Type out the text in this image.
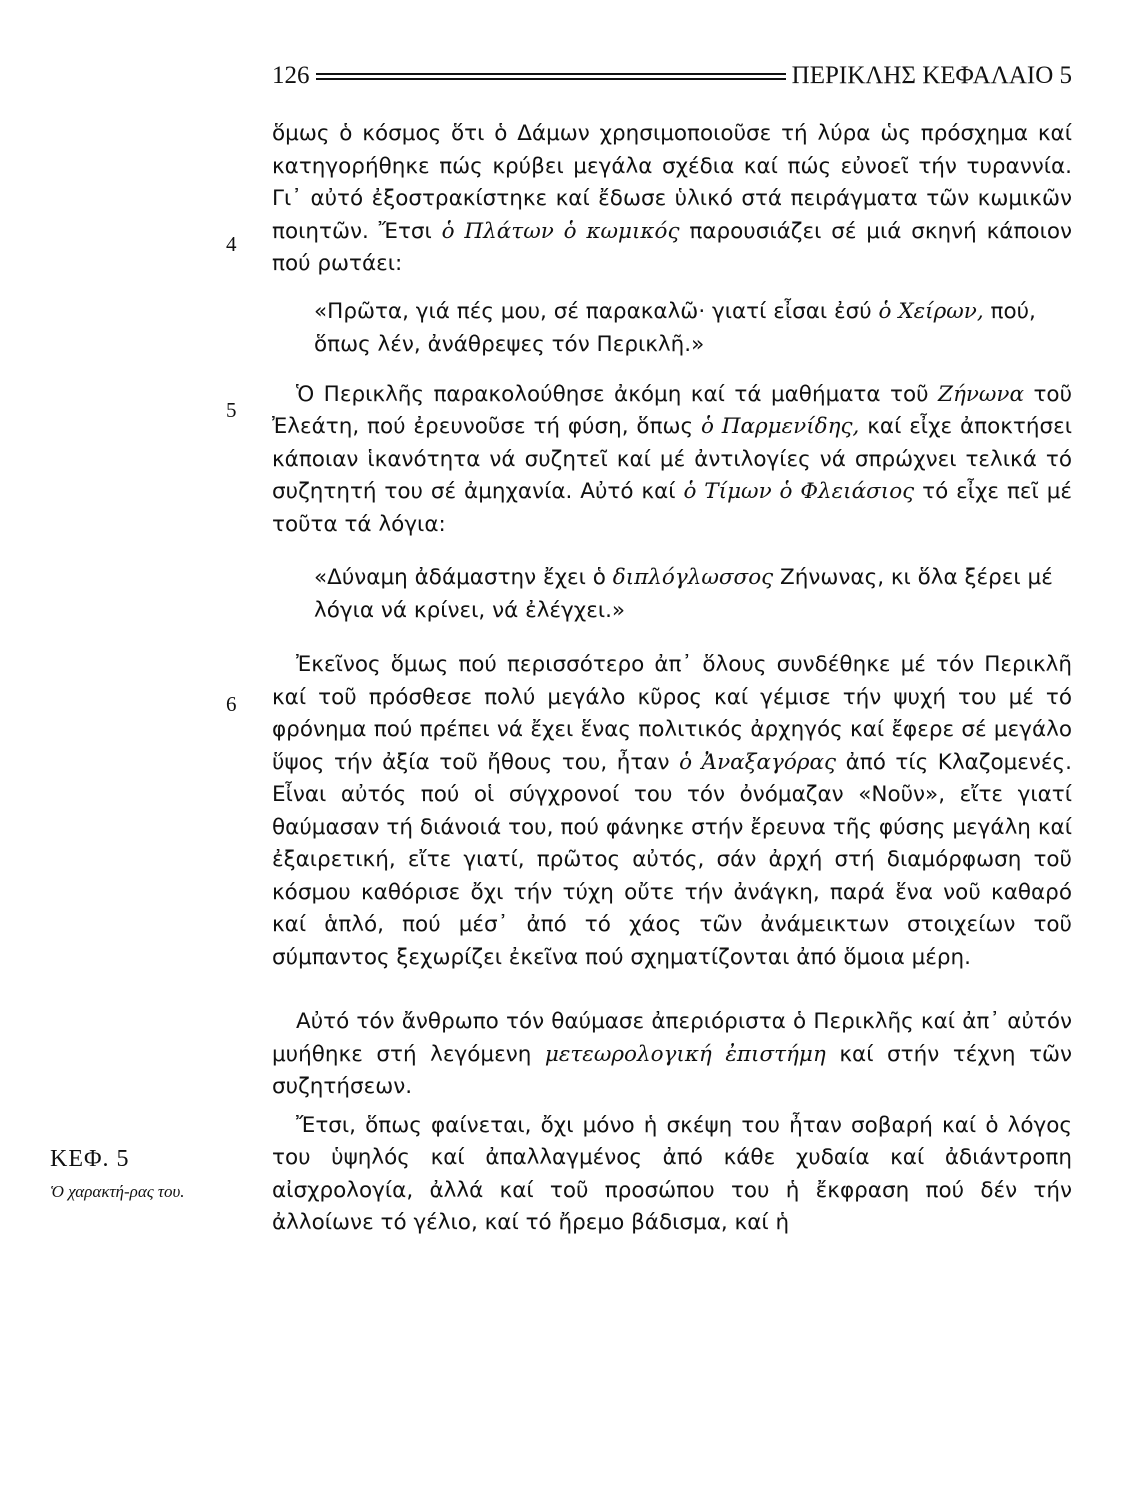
126	ΠΕΡΙΚΛΗΣ ΚΕΦΑΛΑΙΟ 5
4
5
6
ΚΕΦ. 5
Ὁ χαρακτή-ρας του.

ὅμως ὁ κόσμος ὅτι ὁ Δάμων χρησιμοποιοῦσε τή λύρα ὡς πρόσχημα καί κατηγορήθηκε πώς κρύβει μεγάλα σχέδια καί πώς εὐνοεῖ τήν τυραννία. Γι᾽ αὐτό ἐξοστρακίστηκε καί ἔδωσε ὑλικό στά πειράγματα τῶν κωμικῶν ποιητῶν. Ἔτσι ὁ Πλάτων ὁ κωμικός παρουσιάζει σέ μιά σκηνή κάποιον πού ρωτάει:

«Πρῶτα, γιά πές μου, σέ παρακαλῶ· γιατί εἶσαι ἐσύ ὁ Χείρων, πού, ὅπως λέν, ἀνάθρεψες τόν Περικλῆ.»

Ὁ Περικλῆς παρακολούθησε ἀκόμη καί τά μαθήματα τοῦ Ζήνωνα τοῦ Ἐλεάτη, πού ἐρευνοῦσε τή φύση, ὅπως ὁ Παρμενίδης, καί εἶχε ἀποκτήσει κάποιαν ἱκανότητα νά συζητεῖ καί μέ ἀντιλογίες νά σπρώχνει τελικά τό συζητητή του σέ ἀμηχανία. Αὐτό καί ὁ Τίμων ὁ Φλειάσιος τό εἶχε πεῖ μέ τοῦτα τά λόγια:

«Δύναμη ἀδάμαστην ἔχει ὁ διπλόγλωσσος Ζήνωνας, κι ὅλα ξέρει μέ λόγια νά κρίνει, νά ἐλέγχει.»

Ἐκεῖνος ὅμως πού περισσότερο ἀπ᾽ ὅλους συνδέθηκε μέ τόν Περικλῆ καί τοῦ πρόσθεσε πολύ μεγάλο κῦρος καί γέμισε τήν ψυχή του μέ τό φρόνημα πού πρέπει νά ἔχει ἕνας πολιτικός ἀρχηγός καί ἔφερε σέ μεγάλο ὕψος τήν ἀξία τοῦ ἤθους του, ἦταν ὁ Ἀναξαγόρας ἀπό τίς Κλαζομενές. Εἶναι αὐτός πού οἱ σύγχρονοί του τόν ὀνόμαζαν «Νοῦν», εἴτε γιατί θαύμασαν τή διάνοιά του, πού φάνηκε στήν ἔρευνα τῆς φύσης μεγάλη καί ἐξαιρετική, εἴτε γιατί, πρῶτος αὐτός, σάν ἀρχή στή διαμόρφωση τοῦ κόσμου καθόρισε ὄχι τήν τύχη οὔτε τήν ἀνάγκη, παρά ἕνα νοῦ καθαρό καί ἁπλό, πού μέσ᾽ ἀπό τό χάος τῶν ἀνάμεικτων στοιχείων τοῦ σύμπαντος ξεχωρίζει ἐκεῖνα πού σχηματίζονται ἀπό ὅμοια μέρη.

Αὐτό τόν ἄνθρωπο τόν θαύμασε ἀπεριόριστα ὁ Περικλῆς καί ἀπ᾽ αὐτόν μυήθηκε στή λεγόμενη μετεωρολογική ἐπιστήμη καί στήν τέχνη τῶν συζητήσεων.

Ἔτσι, ὅπως φαίνεται, ὄχι μόνο ἡ σκέψη του ἦταν σοβαρή καί ὁ λόγος του ὑψηλός καί ἀπαλλαγμένος ἀπό κάθε χυδαία καί ἀδιάντροπη αἰσχρολογία, ἀλλά καί τοῦ προσώπου του ἡ ἔκφραση πού δέν τήν ἀλλοίωνε τό γέλιο, καί τό ἤρεμο βάδισμα, καί ἡ
